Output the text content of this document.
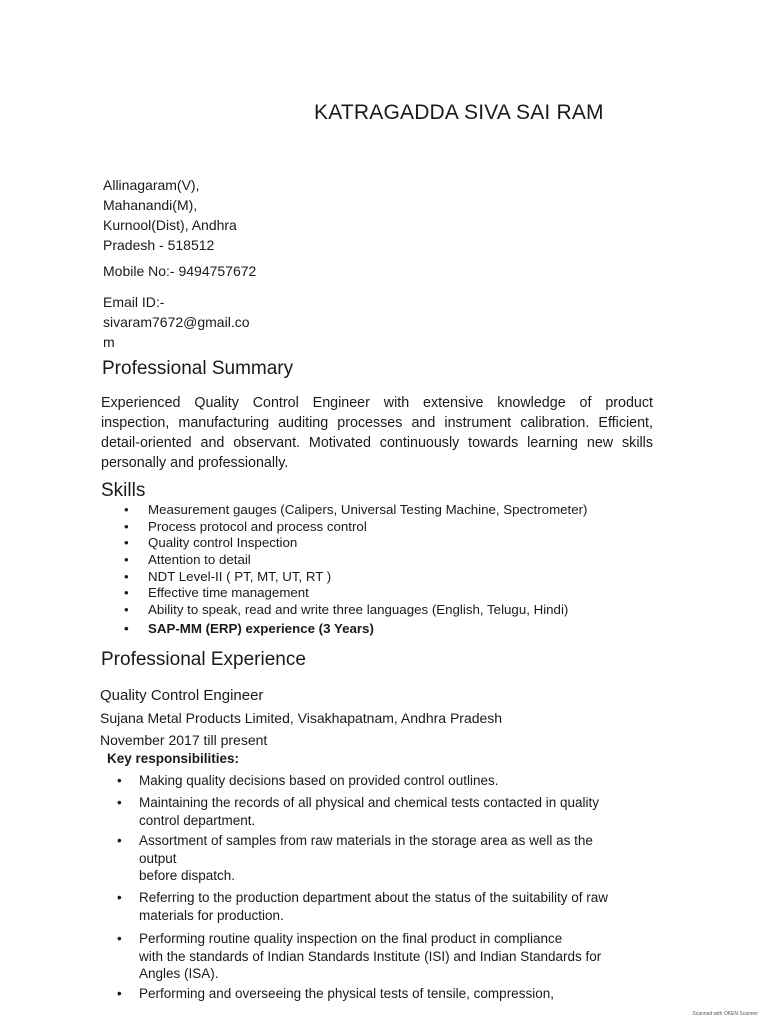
KATRAGADDA SIVA SAI RAM
Allinagaram(V),
Mahanandi(M),
Kurnool(Dist), Andhra
Pradesh - 518512
Mobile No:- 9494757672
Email ID:-
sivaram7672@gmail.co
m
Professional Summary
Experienced Quality Control Engineer with extensive knowledge of product
inspection, manufacturing auditing processes and instrument calibration. Efficient,
detail-oriented and observant. Motivated continuously towards learning new skills
personally and professionally.
Skills
• Measurement gauges (Calipers, Universal Testing Machine, Spectrometer)
• Process protocol and process control
• Quality control Inspection
• Attention to detail
• NDT Level-II ( PT, MT, UT, RT )
• Effective time management
• Ability to speak, read and write three languages (English, Telugu, Hindi)
• SAP-MM (ERP) experience (3 Years)
Professional Experience
Quality Control Engineer
Sujana Metal Products Limited, Visakhapatnam, Andhra Pradesh
November 2017 till present
Key responsibilities:
• Making quality decisions based on provided control outlines.
• Maintaining the records of all physical and chemical tests contacted in quality
control department.
• Assortment of samples from raw materials in the storage area as well as the
output
before dispatch.
• Referring to the production department about the status of the suitability of raw
materials for production.
• Performing routine quality inspection on the final product in compliance
with the standards of Indian Standards Institute (ISI) and Indian Standards for
Angles (ISA).
• Performing and overseeing the physical tests of tensile, compression,
Scanned with OKEN Scanner
